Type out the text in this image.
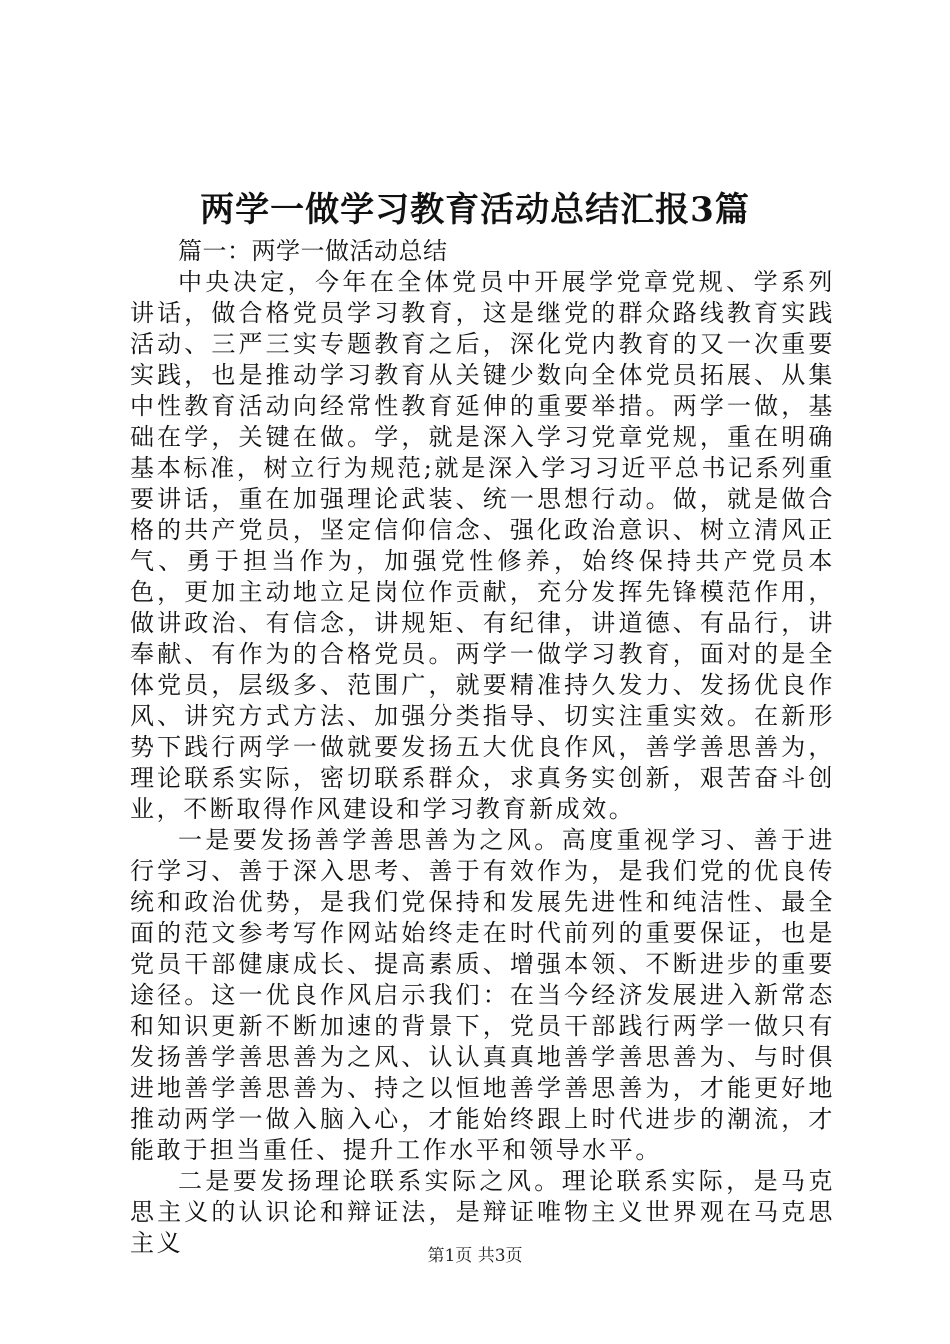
两学一做学习教育活动总结汇报3篇

篇一：两学一做活动总结

中央决定，今年在全体党员中开展学党章党规、学系列讲话，做合格党员学习教育，这是继党的群众路线教育实践活动、三严三实专题教育之后，深化党内教育的又一次重要实践，也是推动学习教育从关键少数向全体党员拓展、从集中性教育活动向经常性教育延伸的重要举措。两学一做，基础在学，关键在做。学，就是深入学习党章党规，重在明确基本标准，树立行为规范;就是深入学习习近平总书记系列重要讲话，重在加强理论武装、统一思想行动。做，就是做合格的共产党员，坚定信仰信念、强化政治意识、树立清风正气、勇于担当作为，加强党性修养，始终保持共产党员本色，更加主动地立足岗位作贡献，充分发挥先锋模范作用，做讲政治、有信念，讲规矩、有纪律，讲道德、有品行，讲奉献、有作为的合格党员。两学一做学习教育，面对的是全体党员，层级多、范围广，就要精准持久发力、发扬优良作风、讲究方式方法、加强分类指导、切实注重实效。在新形势下践行两学一做就要发扬五大优良作风，善学善思善为，理论联系实际，密切联系群众，求真务实创新，艰苦奋斗创业，不断取得作风建设和学习教育新成效。

一是要发扬善学善思善为之风。高度重视学习、善于进行学习、善于深入思考、善于有效作为，是我们党的优良传统和政治优势，是我们党保持和发展先进性和纯洁性、最全面的范文参考写作网站始终走在时代前列的重要保证，也是党员干部健康成长、提高素质、增强本领、不断进步的重要途径。这一优良作风启示我们：在当今经济发展进入新常态和知识更新不断加速的背景下，党员干部践行两学一做只有发扬善学善思善为之风、认认真真地善学善思善为、与时俱进地善学善思善为、持之以恒地善学善思善为，才能更好地推动两学一做入脑入心，才能始终跟上时代进步的潮流，才能敢于担当重任、提升工作水平和领导水平。

二是要发扬理论联系实际之风。理论联系实际，是马克思主义的认识论和辩证法，是辩证唯物主义世界观在马克思主义	第1页 共3页
